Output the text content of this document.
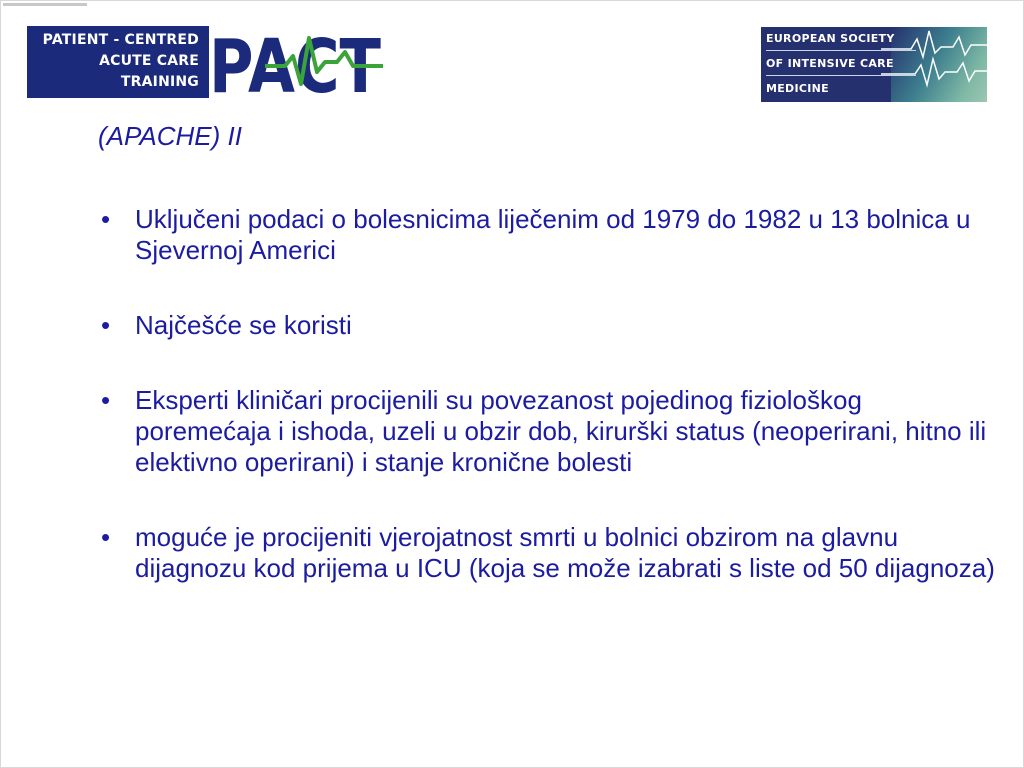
PATIENT - CENTRED
ACUTE CARE
TRAINING PACT	EUROPEAN SOCIETY
OF INTENSIVE CARE
MEDICINE
(APACHE) II
• Uključeni podaci o bolesnicima liječenim od 1979 do 1982 u 13 bolnica u Sjevernoj Americi
• Najčešće se koristi
• Eksperti kliničari procijenili su povezanost pojedinog fiziološkog poremećaja i ishoda, uzeli u obzir dob, kirurški status (neoperirani, hitno ili elektivno operirani) i stanje kronične bolesti
• moguće je procijeniti vjerojatnost smrti u bolnici obzirom na glavnu dijagnozu kod prijema u ICU (koja se može izabrati s liste od 50 dijagnoza)
